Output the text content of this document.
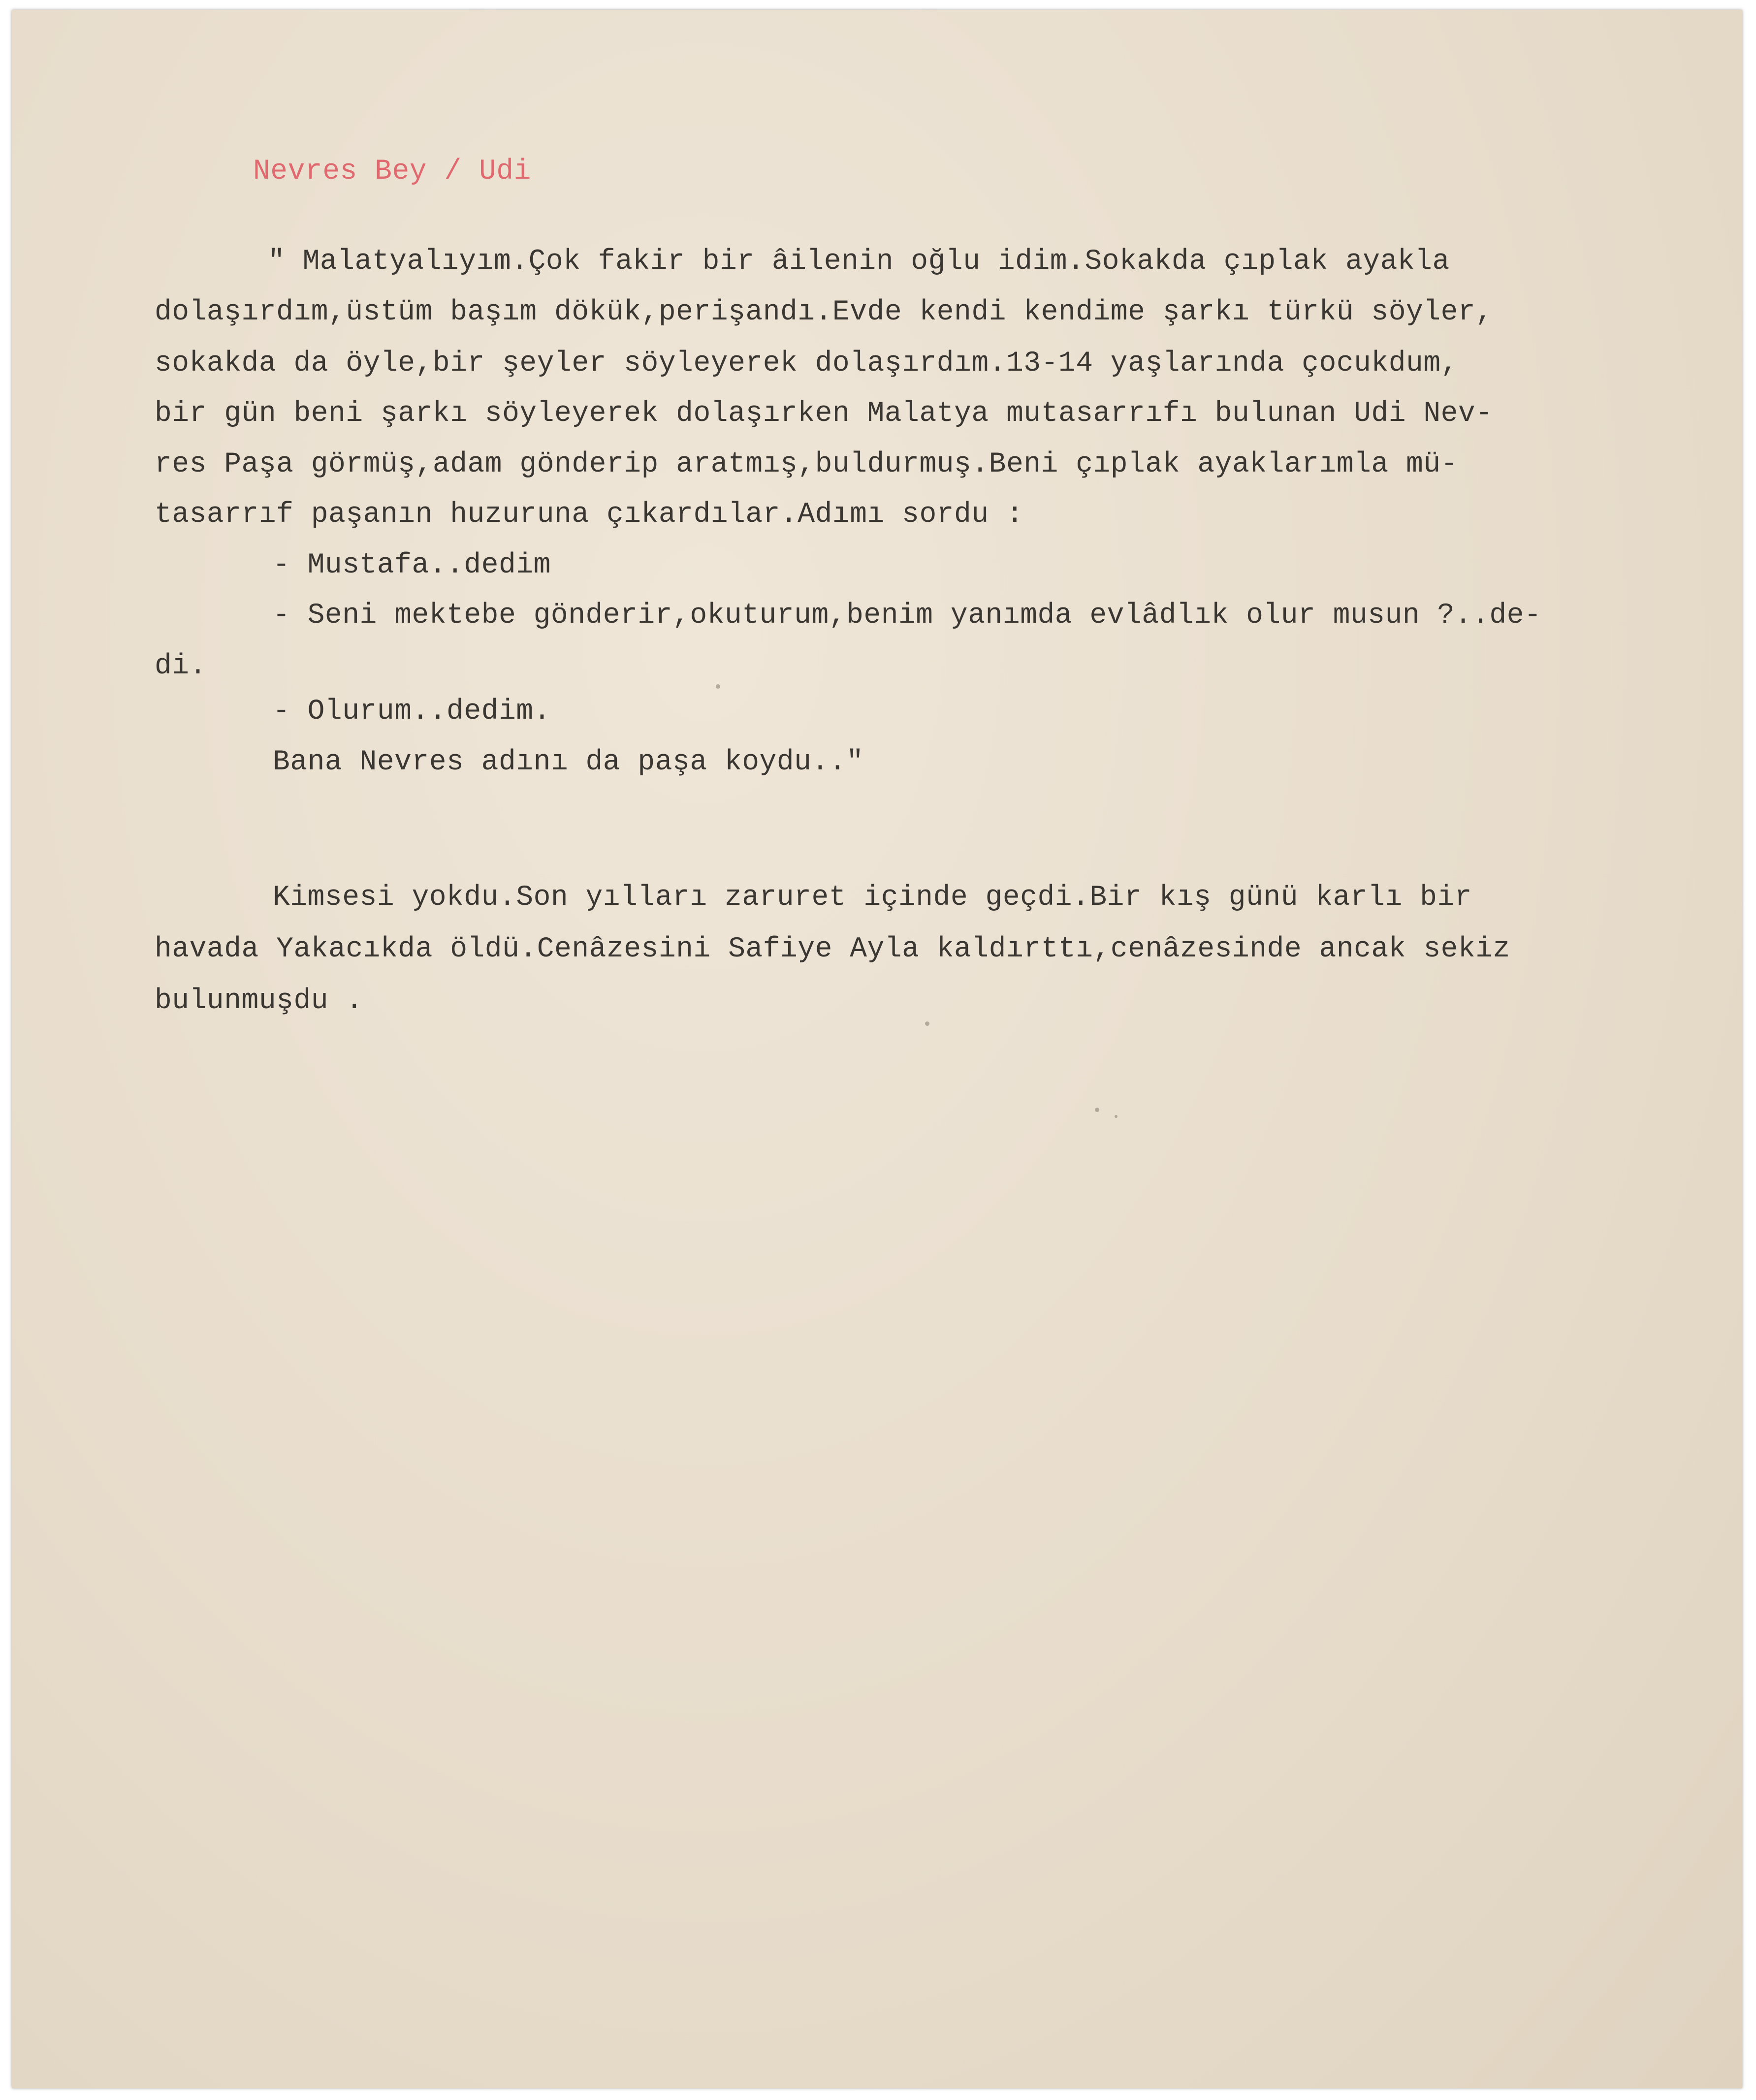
Nevres Bey / Udi
" Malatyalıyım.Çok fakir bir âilenin oğlu idim.Sokakda çıplak ayakla
dolaşırdım,üstüm başım dökük,perişandı.Evde kendi kendime şarkı türkü söyler,
sokakda da öyle,bir şeyler söyleyerek dolaşırdım.13-14 yaşlarında çocukdum,
bir gün beni şarkı söyleyerek dolaşırken Malatya mutasarrıfı bulunan Udi Nev-
res Paşa görmüş,adam gönderip aratmış,buldurmuş.Beni çıplak ayaklarımla mü-
tasarrıf paşanın huzuruna çıkardılar.Adımı sordu :
- Mustafa..dedim
- Seni mektebe gönderir,okuturum,benim yanımda evlâdlık olur musun ?..de-
di.
- Olurum..dedim.
Bana Nevres adını da paşa koydu.."
Kimsesi yokdu.Son yılları zaruret içinde geçdi.Bir kış günü karlı bir
havada Yakacıkda öldü.Cenâzesini Safiye Ayla kaldırttı,cenâzesinde ancak sekiz
bulunmuşdu .
